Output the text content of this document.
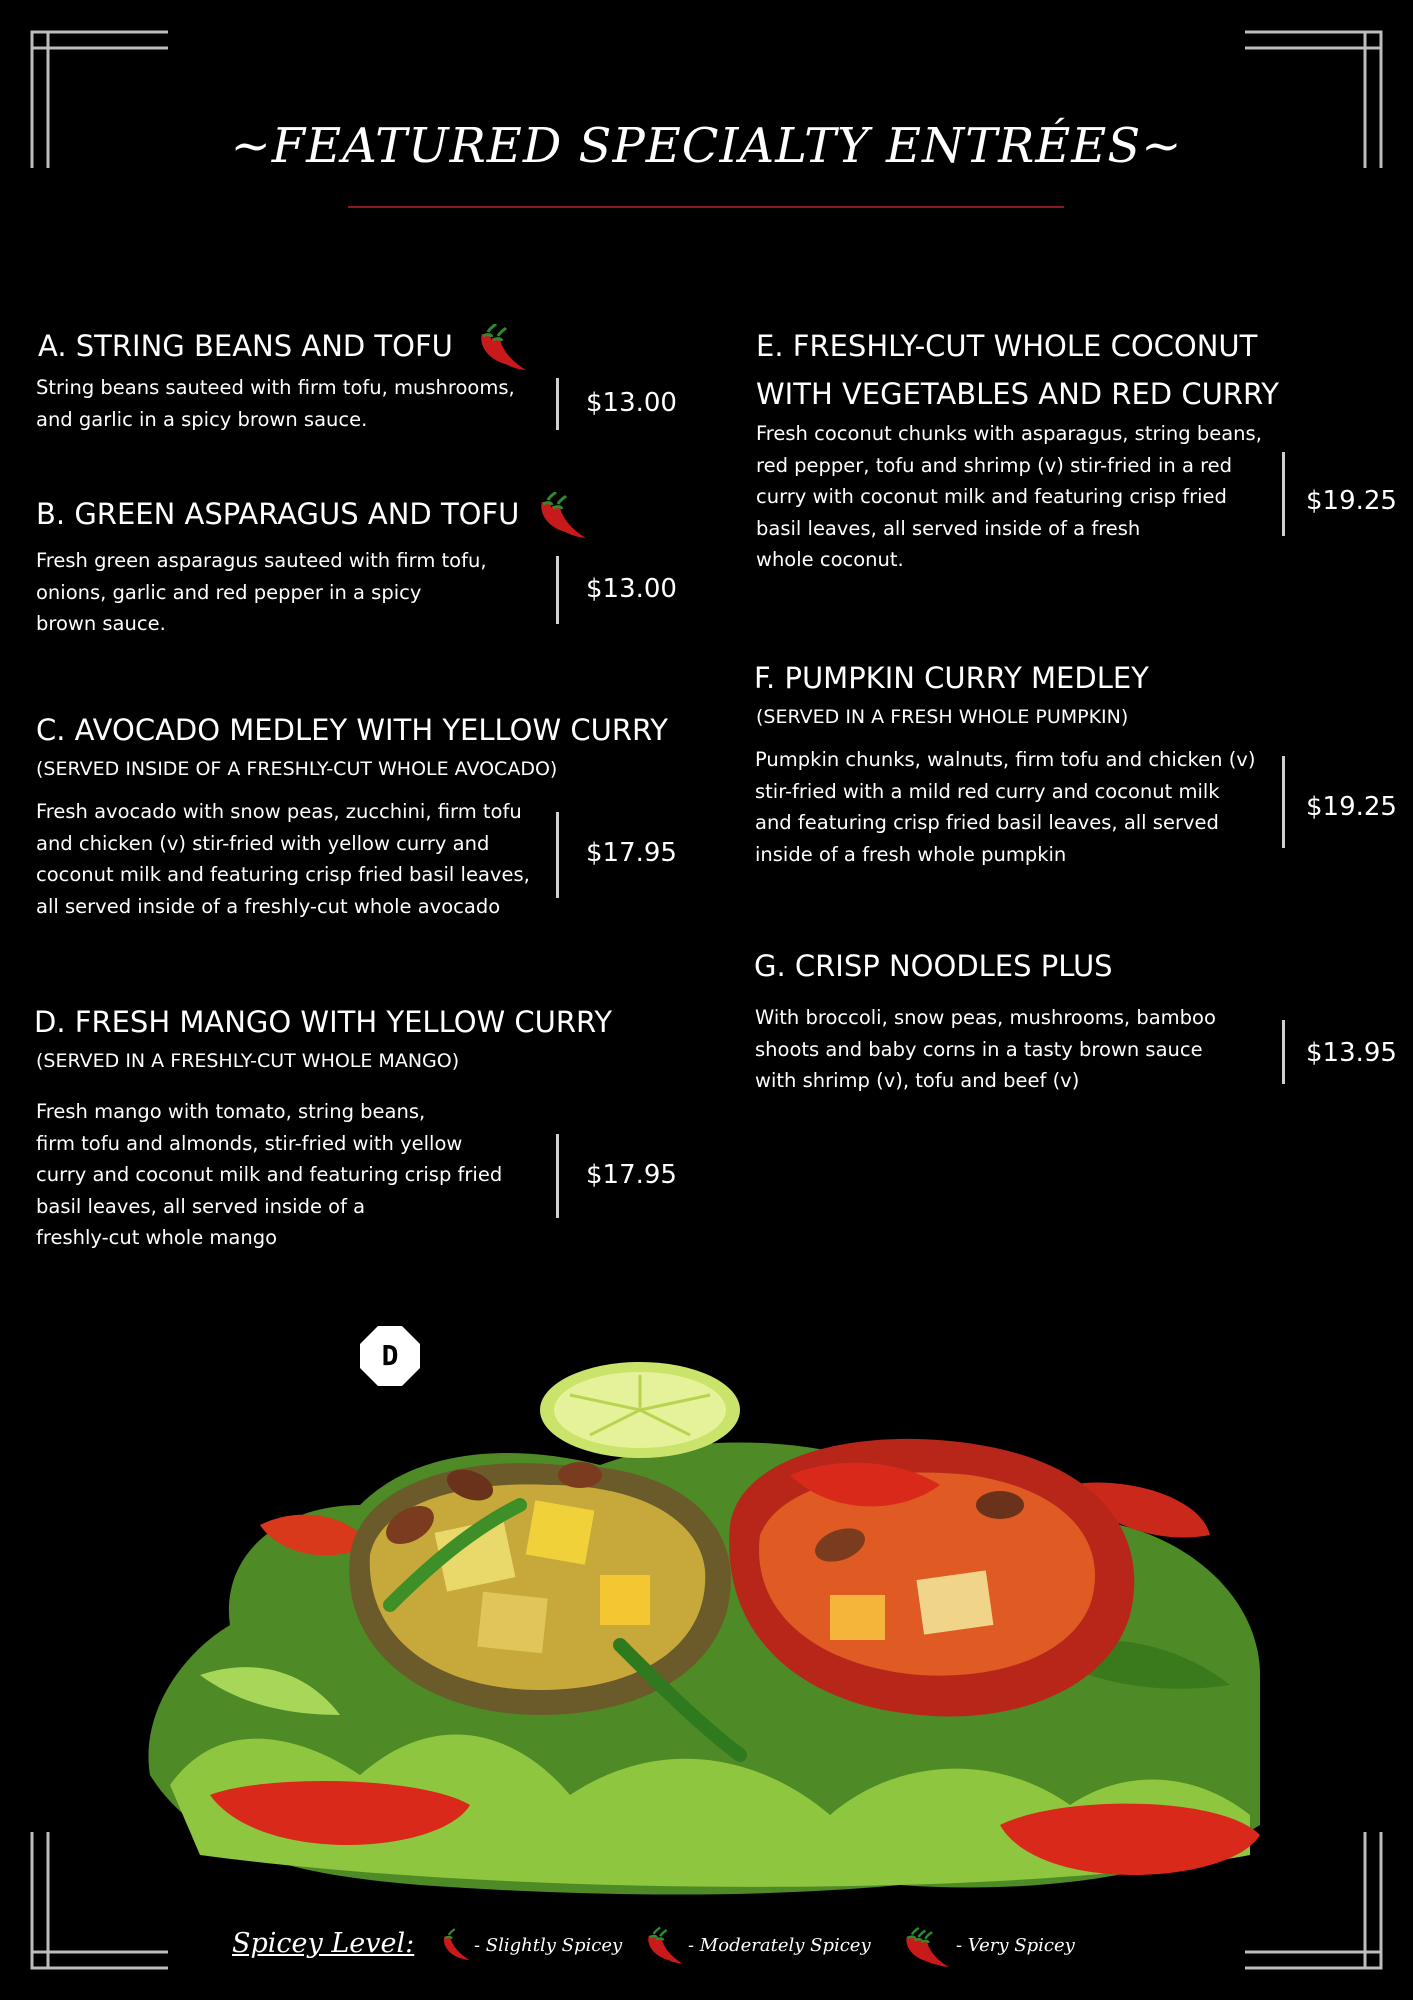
~FEATURED SPECIALTY ENTRÉES~
A. STRING BEANS AND TOFU
String beans sauteed with firm tofu, mushrooms,
and garlic in a spicy brown sauce.
$13.00
B. GREEN ASPARAGUS AND TOFU
Fresh green asparagus sauteed with firm tofu,
onions, garlic and red pepper in a spicy
brown sauce.
$13.00
C. AVOCADO MEDLEY WITH YELLOW CURRY
(SERVED INSIDE OF A FRESHLY-CUT WHOLE AVOCADO)
Fresh avocado with snow peas, zucchini, firm tofu
and chicken (v) stir-fried with yellow curry and
coconut milk and featuring crisp fried basil leaves,
all served inside of a freshly-cut whole avocado
$17.95
D. FRESH MANGO WITH YELLOW CURRY
(SERVED IN A FRESHLY-CUT WHOLE MANGO)
Fresh mango with tomato, string beans,
firm tofu and almonds, stir-fried with yellow
curry and coconut milk and featuring crisp fried
basil leaves, all served inside of a
freshly-cut whole mango
$17.95
E. FRESHLY-CUT WHOLE COCONUT
WITH VEGETABLES AND RED CURRY
Fresh coconut chunks with asparagus, string beans,
red pepper, tofu and shrimp (v) stir-fried in a red
curry with coconut milk and featuring crisp fried
basil leaves, all served inside of a fresh
whole coconut.
$19.25
F. PUMPKIN CURRY MEDLEY
(SERVED IN A FRESH WHOLE PUMPKIN)
Pumpkin chunks, walnuts, firm tofu and chicken (v)
stir-fried with a mild red curry and coconut milk
and featuring crisp fried basil leaves, all served
inside of a fresh whole pumpkin
$19.25
G. CRISP NOODLES PLUS
With broccoli, snow peas, mushrooms, bamboo
shoots and baby corns in a tasty brown sauce
with shrimp (v), tofu and beef (v)
$13.95
D
Spicey Level:	- Slightly Spicey	- Moderately Spicey	- Very Spicey
